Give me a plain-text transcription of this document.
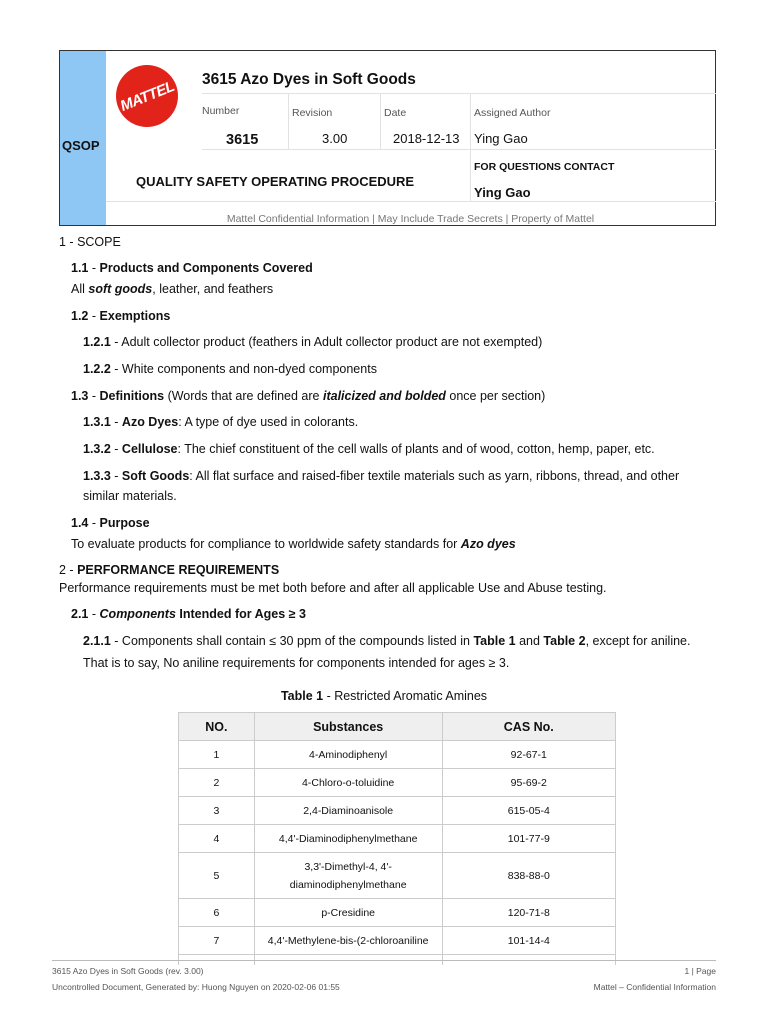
QSOP
MATTEL 3615 Azo Dyes in Soft Goods
Number
3615
Revision
3.00
Date
2018-12-13
Assigned Author
Ying Gao
QUALITY SAFETY OPERATING PROCEDURE
FOR QUESTIONS CONTACT
Ying Gao
Mattel Confidential Information | May Include Trade Secrets | Property of Mattel
1 - SCOPE
1.1 - Products and Components Covered
All soft goods, leather, and feathers
1.2 - Exemptions
1.2.1 - Adult collector product (feathers in Adult collector product are not exempted)
1.2.2 - White components and non-dyed components
1.3 - Definitions (Words that are defined are italicized and bolded once per section)
1.3.1 - Azo Dyes: A type of dye used in colorants.
1.3.2 - Cellulose: The chief constituent of the cell walls of plants and of wood, cotton, hemp, paper, etc.
1.3.3 - Soft Goods: All flat surface and raised-fiber textile materials such as yarn, ribbons, thread, and other
similar materials.
1.4 - Purpose
To evaluate products for compliance to worldwide safety standards for Azo dyes
2 - PERFORMANCE REQUIREMENTS
Performance requirements must be met both before and after all applicable Use and Abuse testing.
2.1 - Components Intended for Ages ≥ 3
2.1.1 - Components shall contain ≤ 30 ppm of the compounds listed in Table 1 and Table 2, except for aniline.
That is to say, No aniline requirements for components intended for ages ≥ 3.
Table 1 - Restricted Aromatic Amines
NO.	Substances	CAS No.
1	4-Aminodiphenyl	92-67-1
2	4-Chloro-o-toluidine	95-69-2
3	2,4-Diaminoanisole	615-05-4
4	4,4'-Diaminodiphenylmethane	101-77-9
5	3,3'-Dimethyl-4, 4'-
diaminodiphenylmethane	838-88-0
6	p-Cresidine	120-71-8
7	4,4'-Methylene-bis-(2-chloroaniline	101-14-4

3615 Azo Dyes in Soft Goods (rev. 3.00)
Uncontrolled Document, Generated by: Huong Nguyen on 2020-02-06 01:55
1 | Page
Mattel – Confidential Information
